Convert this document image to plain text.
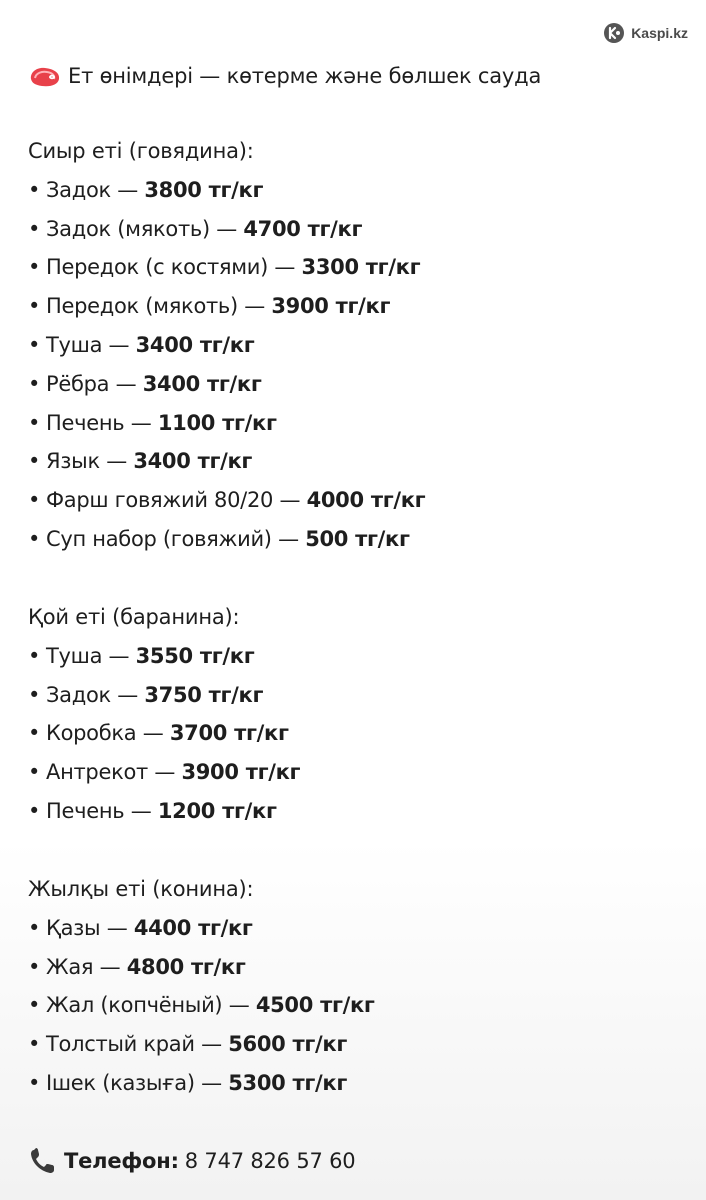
Kaspi.kz
Ет өнімдері — көтерме және бөлшек сауда
Сиыр еті (говядина):
• Задок — 3800 тг/кг
• Задок (мякоть) — 4700 тг/кг
• Передок (с костями) — 3300 тг/кг
• Передок (мякоть) — 3900 тг/кг
• Туша — 3400 тг/кг
• Рёбра — 3400 тг/кг
• Печень — 1100 тг/кг
• Язык — 3400 тг/кг
• Фарш говяжий 80/20 — 4000 тг/кг
• Суп набор (говяжий) — 500 тг/кг
Қой еті (баранина):
• Туша — 3550 тг/кг
• Задок — 3750 тг/кг
• Коробка — 3700 тг/кг
• Антрекот — 3900 тг/кг
• Печень — 1200 тг/кг
Жылқы еті (конина):
• Қазы — 4400 тг/кг
• Жая — 4800 тг/кг
• Жал (копчёный) — 4500 тг/кг
• Толстый край — 5600 тг/кг
• Ішек (казыға) — 5300 тг/кг
Телефон: 8 747 826 57 60
